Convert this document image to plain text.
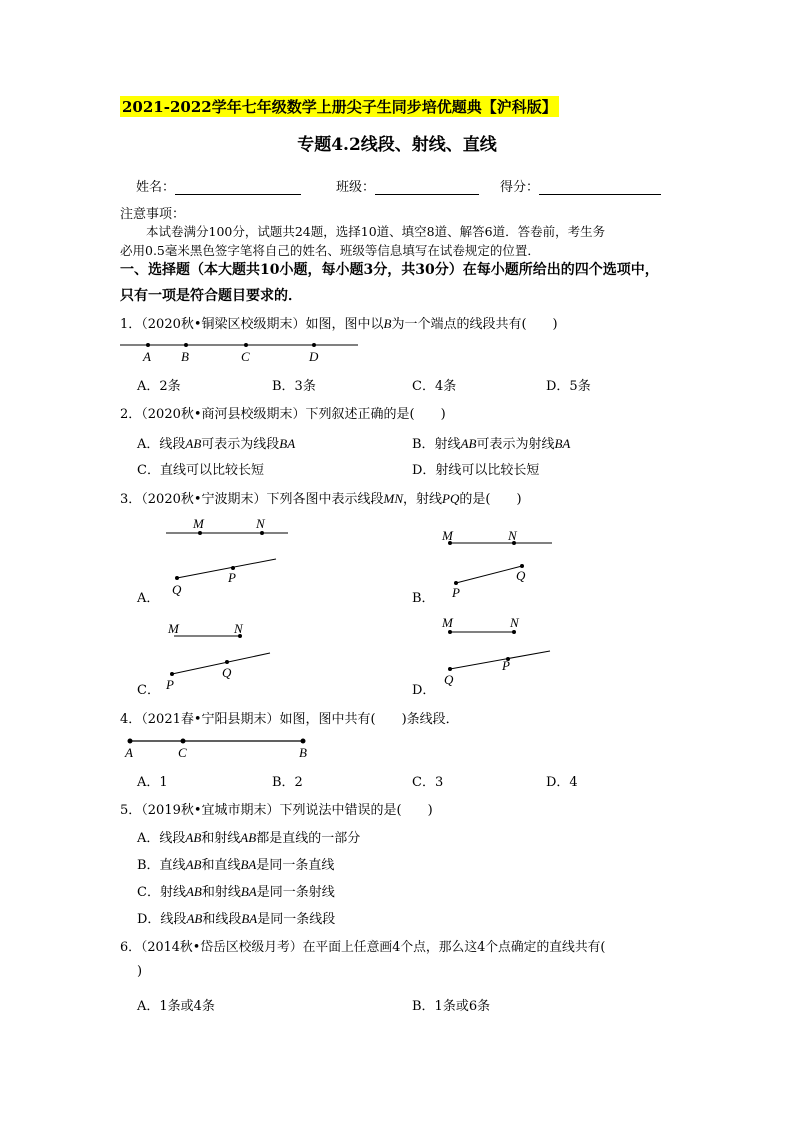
2021-2022学年七年级数学上册尖子生同步培优题典【沪科版】
专题4.2线段、射线、直线
姓名：	班级：	得分：
注意事项：
本试卷满分100分，试题共24题，选择10道、填空8道、解答6道．答卷前，考生务
必用0.5毫米黑色签字笔将自己的姓名、班级等信息填写在试卷规定的位置．
一、选择题（本大题共10小题，每小题3分，共30分）在每小题所给出的四个选项中，
只有一项是符合题目要求的．
1．（2020秋•铜梁区校级期末）如图，图中以B为一个端点的线段共有(　　)
A B	C	D
A．2条	B．3条	C．4条	D．5条
2．（2020秋•商河县校级期末）下列叙述正确的是(　　)
A．线段AB可表示为线段BA	B．射线AB可表示为射线BA
C．直线可以比较长短	D．射线可以比较长短
3．（2020秋•宁波期末）下列各图中表示线段MN，射线PQ的是(　　)
A．
M	N
Q
P
B．
M	N
P
Q
C．
M	N
P
Q
D．
M	N
Q
P
4．（2021春•宁阳县期末）如图，图中共有(　　)条线段．
A	C	B
A．1	B．2	C．3	D．4
5．（2019秋•宜城市期末）下列说法中错误的是(　　)
A．线段AB和射线AB都是直线的一部分
B．直线AB和直线BA是同一条直线
C．射线AB和射线BA是同一条射线
D．线段AB和线段BA是同一条线段
6．（2014秋•岱岳区校级月考）在平面上任意画4个点，那么这4个点确定的直线共有(
)
A．1条或4条	B．1条或6条
